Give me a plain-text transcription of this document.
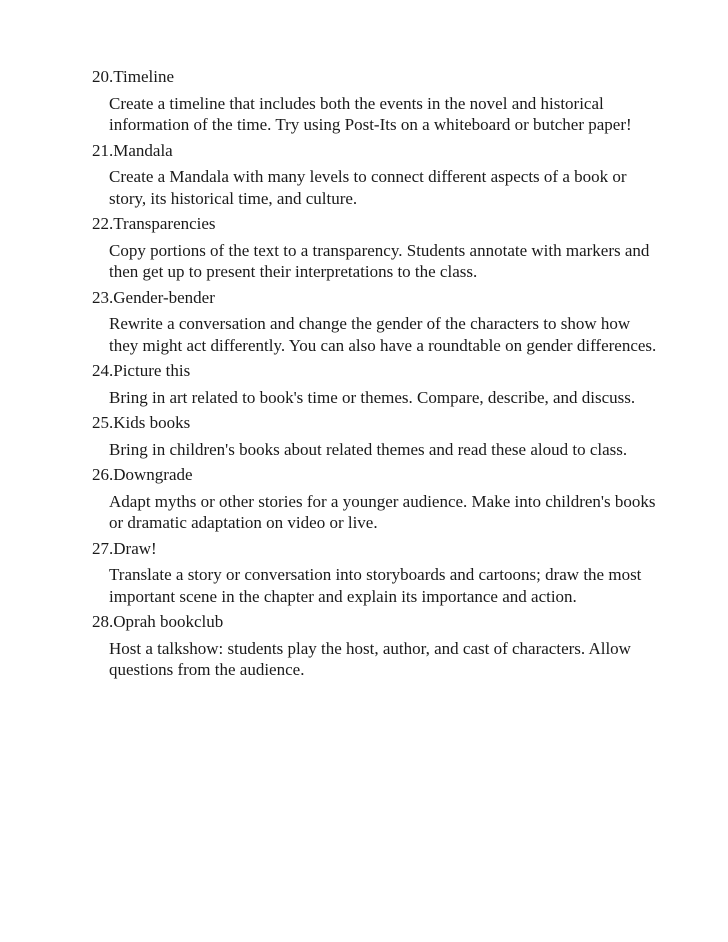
20.Timeline
Create a timeline that includes both the events in the novel and historical information of the time. Try using Post-Its on a whiteboard or butcher paper!
21.Mandala
Create a Mandala with many levels to connect different aspects of a book or story, its historical time, and culture.
22.Transparencies
Copy portions of the text to a transparency. Students annotate with markers and then get up to present their interpretations to the class.
23.Gender-bender
Rewrite a conversation and change the gender of the characters to show how they might act differently. You can also have a roundtable on gender differences.
24.Picture this
Bring in art related to book's time or themes. Compare, describe, and discuss.
25.Kids books
Bring in children's books about related themes and read these aloud to class.
26.Downgrade
Adapt myths or other stories for a younger audience. Make into children's books or dramatic adaptation on video or live.
27.Draw!
Translate a story or conversation into storyboards and cartoons; draw the most important scene in the chapter and explain its importance and action.
28.Oprah bookclub
Host a talkshow: students play the host, author, and cast of characters. Allow questions from the audience.
